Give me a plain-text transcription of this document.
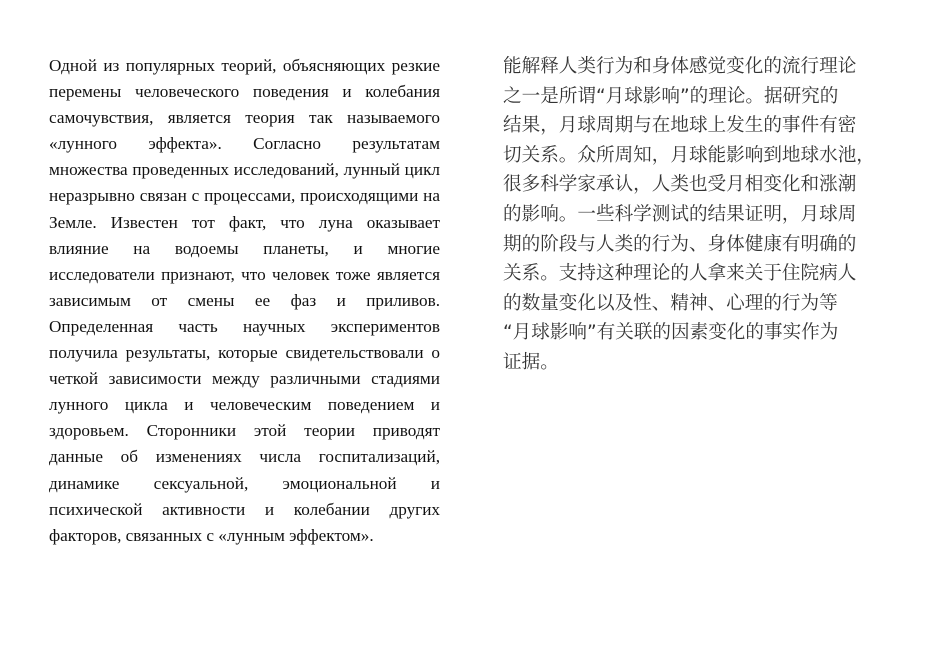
Одной из популярных теорий, объясняющих резкие перемены человеческого поведения и колебания самочувствия, является теория так называемого «лунного эффекта». Согласно результатам множества проведенных исследований, лунный цикл неразрывно связан с процессами, происходящими на Земле. Известен тот факт, что луна оказывает влияние на водоемы планеты, и многие исследователи признают, что человек тоже является зависимым от смены ее фаз и приливов. Определенная часть научных экспериментов получила результаты, которые свидетельствовали о четкой зависимости между различными стадиями лунного цикла и человеческим поведением и здоровьем. Сторонники этой теории приводят данные об изменениях числа госпитализаций, динамике сексуальной, эмоциональной и психической активности и колебании других факторов, связанных с «лунным эффектом».

能解释人类行为和身体感觉变化的流行理论
之一是所谓“月球影响”的理论。据研究的
结果，月球周期与在地球上发生的事件有密
切关系。众所周知，月球能影响到地球水池，
很多科学家承认，人类也受月相变化和涨潮
的影响。一些科学测试的结果证明，月球周
期的阶段与人类的行为、身体健康有明确的
关系。支持这种理论的人拿来关于住院病人
的数量变化以及性、精神、心理的行为等
“月球影响”有关联的因素变化的事实作为
证据。
